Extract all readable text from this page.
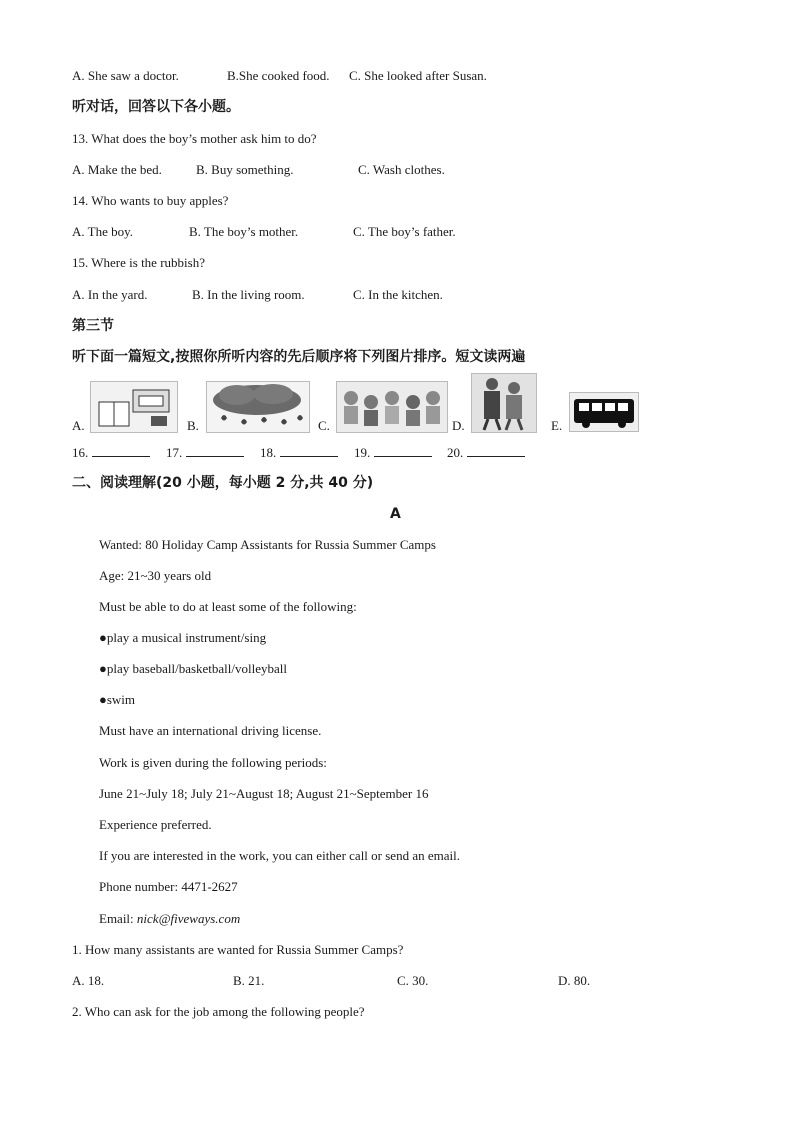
A. She saw a doctor.	B.She cooked food. C. She looked after Susan.
听对话，回答以下各小题。
13. What does the boy’s mother ask him to do?
A. Make the bed.	B. Buy something.	C. Wash clothes.
14. Who wants to buy apples?
A. The boy.	B. The boy’s mother.	C. The boy’s father.
15. Where is the rubbish?
A. In the yard.	B. In the living room.	C. In the kitchen.
第三节
听下面一篇短文,按照你所听内容的先后顺序将下列图片排序。短文读两遍
A.	B.	C.	D.	E.
16.	17.	18.	19.	20.
二、阅读理解(20 小题，每小题 2 分,共 40 分)
A
Wanted: 80 Holiday Camp Assistants for Russia Summer Camps
Age: 21~30 years old
Must be able to do at least some of the following:
●play a musical instrument/sing
●play baseball/basketball/volleyball
●swim
Must have an international driving license.
Work is given during the following periods:
June 21~July 18; July 21~August 18; August 21~September 16
Experience preferred.
If you are interested in the work, you can either call or send an email.
Phone number: 4471-2627
Email: nick@fiveways.com
1. How many assistants are wanted for Russia Summer Camps?
A. 18.	B. 21.	C. 30.	D. 80.
2. Who can ask for the job among the following people?
